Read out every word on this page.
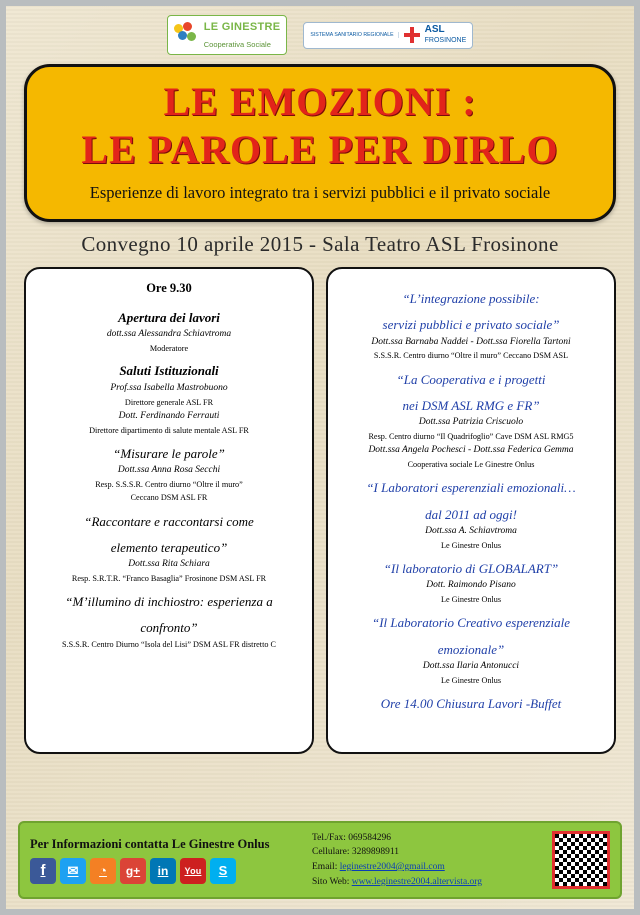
LE GINESTRE
Cooperativa Sociale
SISTEMA SANITARIO REGIONALE
ASL
FROSINONE
LE EMOZIONI :
LE PAROLE PER DIRLO
Esperienze di lavoro integrato tra i servizi pubblici e il privato sociale
Convegno 10 aprile 2015 - Sala Teatro ASL Frosinone
Ore 9.30
Apertura dei lavori
dott.ssa Alessandra Schiavtroma
Moderatore
Saluti Istituzionali
Prof.ssa Isabella Mastrobuono
Direttore generale ASL FR
Dott. Ferdinando Ferrauti
Direttore dipartimento di salute mentale ASL FR
“Misurare le parole”
Dott.ssa Anna Rosa Secchi
Resp. S.S.S.R. Centro diurno “Oltre il muro”
Ceccano DSM ASL FR
“Raccontare e raccontarsi come
elemento terapeutico”
Dott.ssa Rita Schiara
Resp. S.R.T.R. “Franco Basaglia” Frosinone DSM ASL FR
“M’illumino di inchiostro: esperienza a
confronto”
S.S.S.R. Centro Diurno “Isola del Lisi” DSM ASL FR distretto C
“L’integrazione possibile:
servizi pubblici e privato sociale”
Dott.ssa Barnaba Naddei - Dott.ssa Fiorella Tartoni
S.S.S.R. Centro diurno “Oltre il muro” Ceccano DSM ASL
“La Cooperativa e i progetti
nei DSM ASL RMG e FR”
Dott.ssa Patrizia Criscuolo
Resp. Centro diurno “Il Quadrifoglio” Cave DSM ASL RMG5
Dott.ssa Angela Pochesci - Dott.ssa Federica Gemma
Cooperativa sociale Le Ginestre Onlus
“I Laboratori esperenziali emozionali…
dal 2011 ad oggi!
Dott.ssa A. Schiavtroma
Le Ginestre Onlus
“Il laboratorio di GLOBALART”
Dott. Raimondo Pisano
Le Ginestre Onlus
“Il Laboratorio Creativo esperenziale
emozionale”
Dott.ssa Ilaria Antonucci
Le Ginestre Onlus
Ore 14.00 Chiusura Lavori -Buffet
Per Informazioni contatta Le Ginestre Onlus
f	✉	◔	g+	in	You	S
Tel./Fax: 069584296
Cellulare: 3289898911
Email: leginestre2004@gmail.com
Sito Web: www.leginestre2004.altervista.org
